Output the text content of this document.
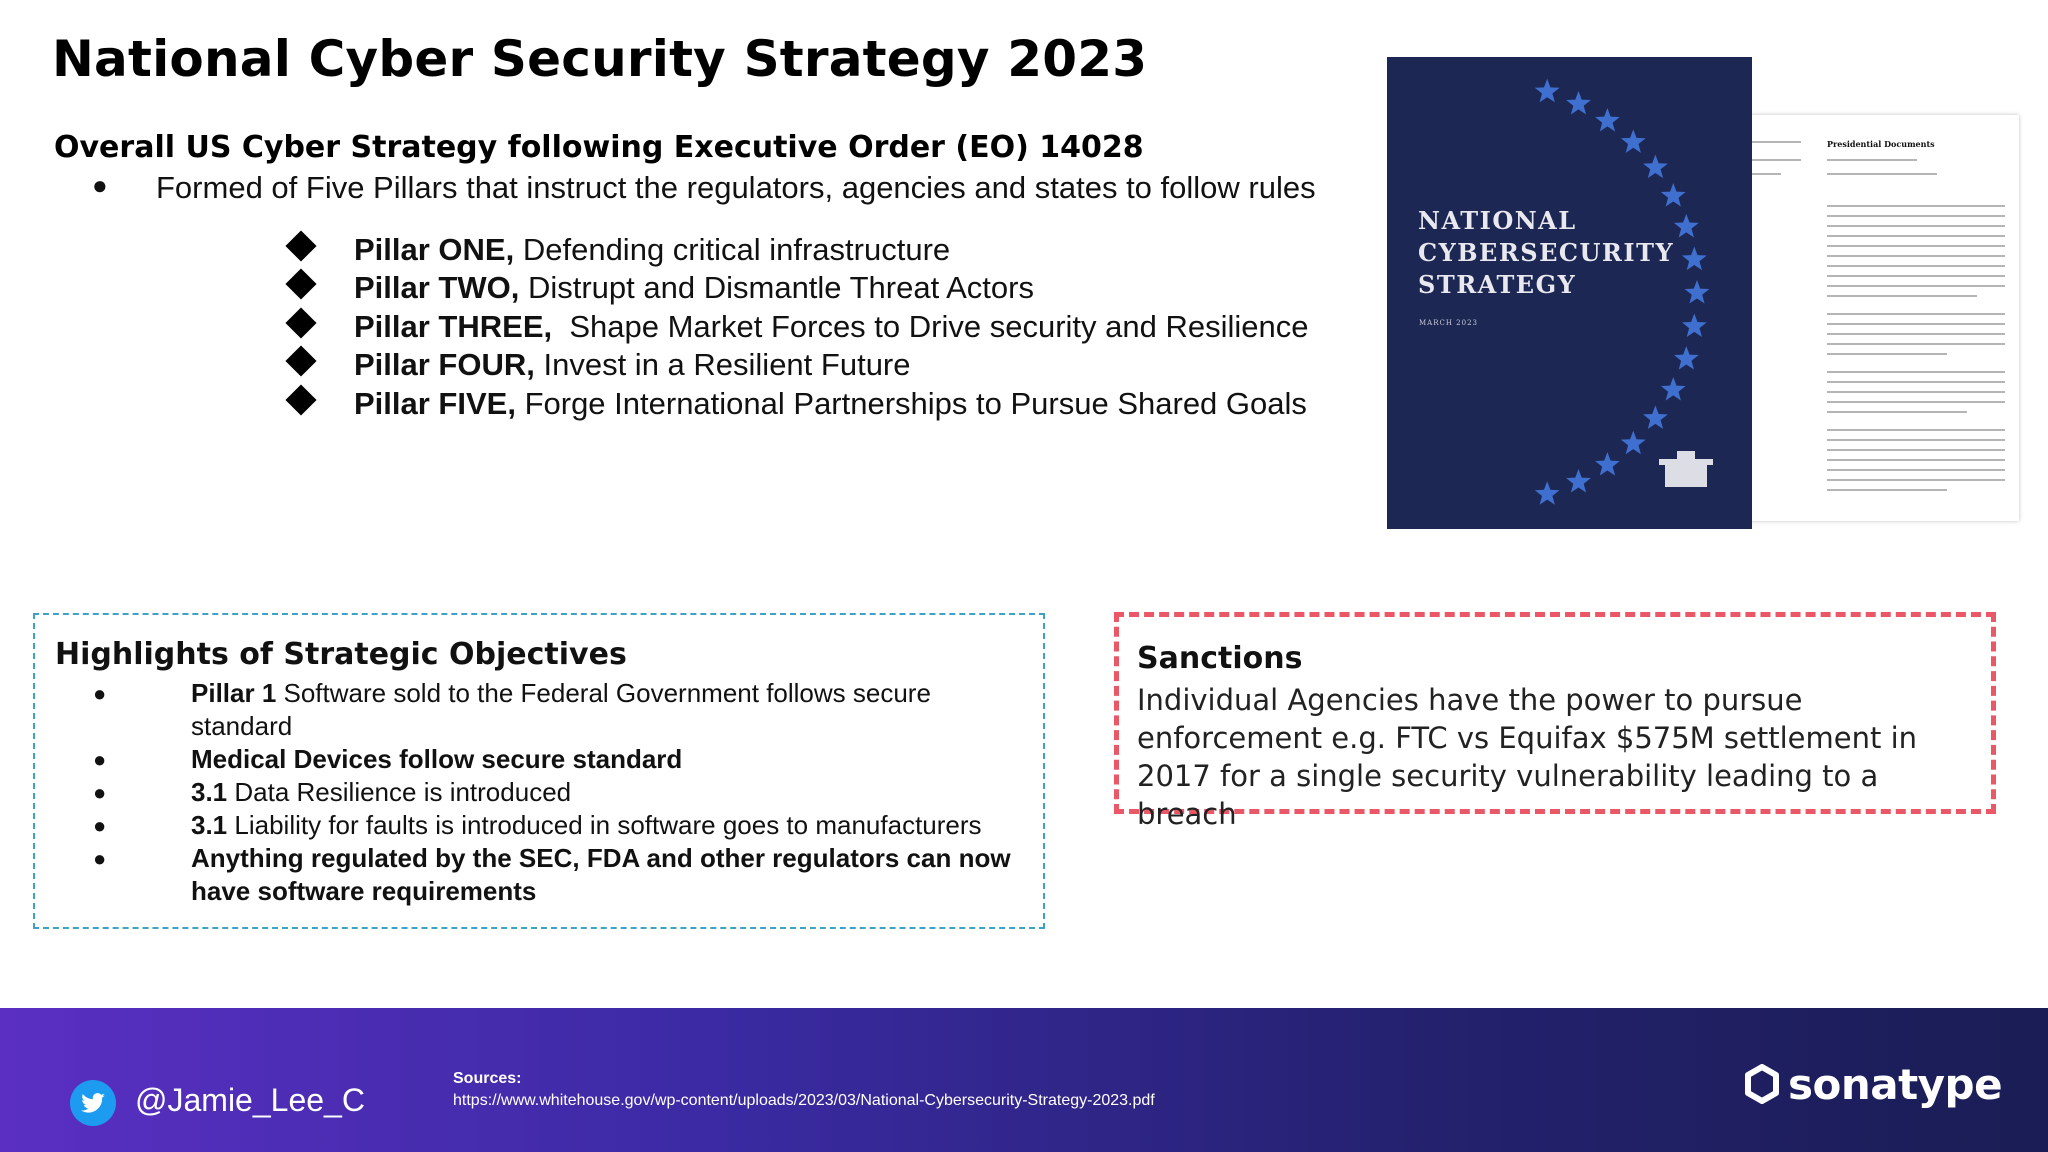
National Cyber Security Strategy 2023
Overall US Cyber Strategy following Executive Order (EO) 14028
● Formed of Five Pillars that instruct the regulators, agencies and states to follow rules
Pillar ONE, Defending critical infrastructure
Pillar TWO, Distrupt and Dismantle Threat Actors
Pillar THREE,  Shape Market Forces to Drive security and Resilience
Pillar FOUR, Invest in a Resilient Future
Pillar FIVE, Forge International Partnerships to Pursue Shared Goals
Presidential Documents
NATIONAL
CYBERSECURITY
STRATEGY
MARCH 2023
Highlights of Strategic Objectives
●	Pillar 1 Software sold to the Federal Government follows secure standard
●	Medical Devices follow secure standard
●	3.1 Data Resilience is introduced
●	3.1 Liability for faults is introduced in software goes to manufacturers
●	Anything regulated by the SEC, FDA and other regulators can now have software requirements
Sanctions
Individual Agencies have the power to pursue enforcement e.g. FTC vs Equifax $575M settlement in 2017 for a single security vulnerability leading to a breach
@Jamie_Lee_C
Sources:
https://www.whitehouse.gov/wp-content/uploads/2023/03/National-Cybersecurity-Strategy-2023.pdf	sonatype
